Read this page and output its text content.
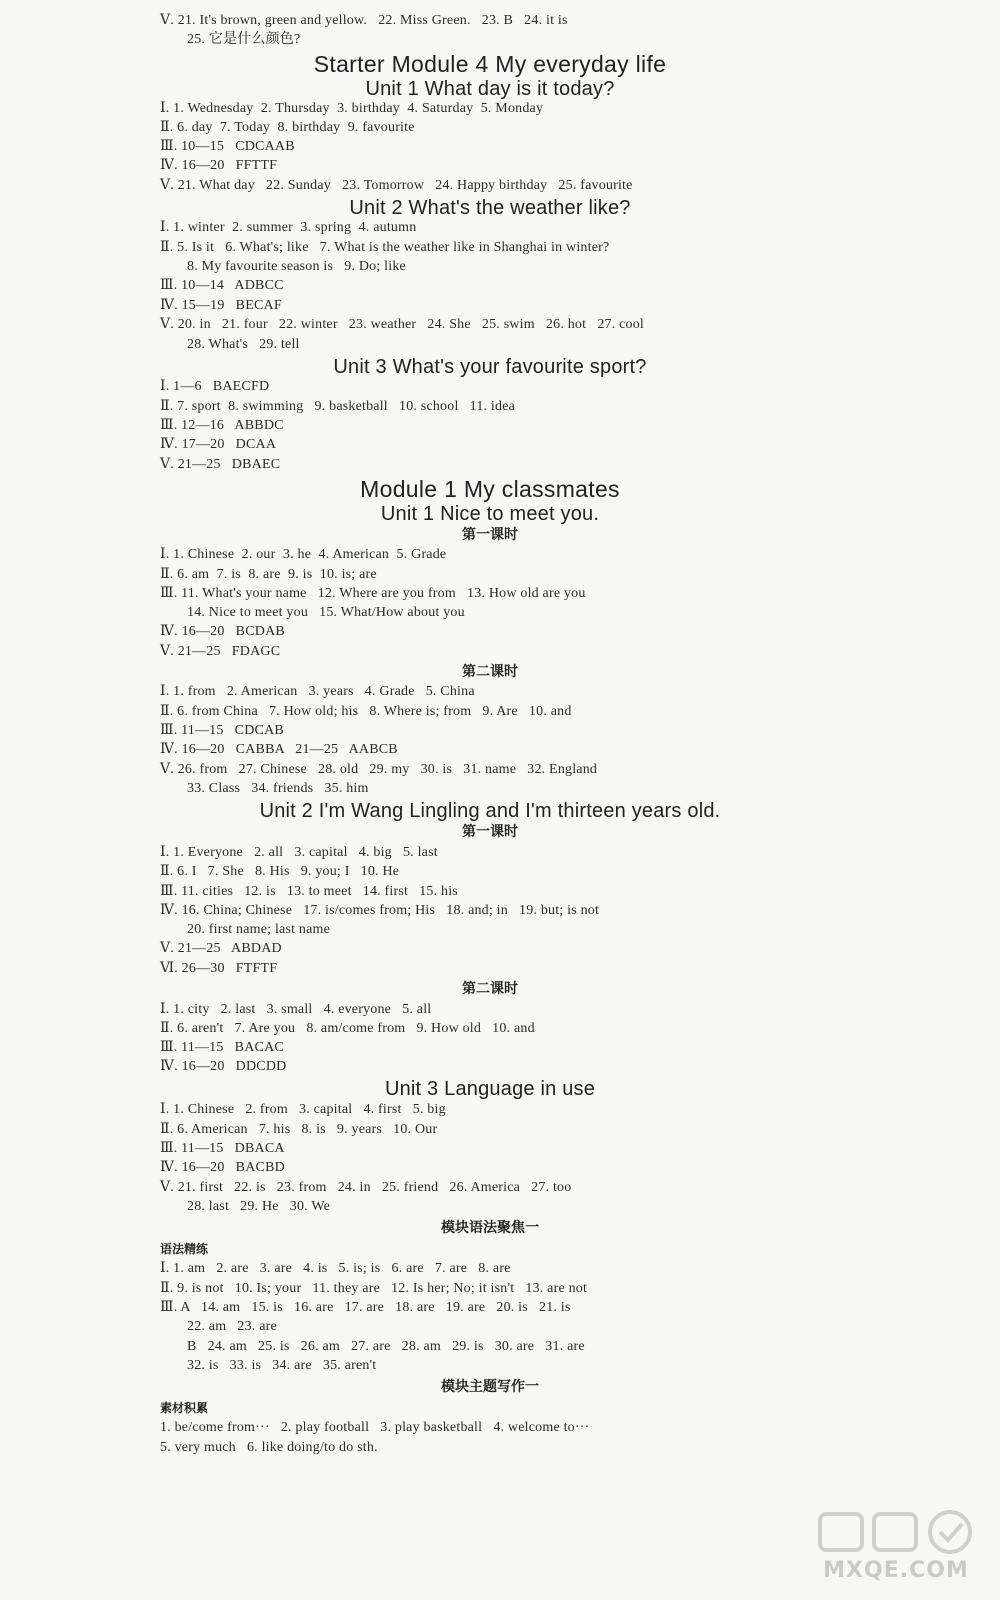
Ⅴ. 21. It's brown, green and yellow.   22. Miss Green.   23. B   24. it is
25. 它是什么颜色?
Starter Module 4 My everyday life
Unit 1 What day is it today?
Ⅰ. 1. Wednesday  2. Thursday  3. birthday  4. Saturday  5. Monday
Ⅱ. 6. day  7. Today  8. birthday  9. favourite
Ⅲ. 10—15   CDCAAB
Ⅳ. 16—20   FFTTF
Ⅴ. 21. What day   22. Sunday   23. Tomorrow   24. Happy birthday   25. favourite
Unit 2 What's the weather like?
Ⅰ. 1. winter  2. summer  3. spring  4. autumn
Ⅱ. 5. Is it   6. What's; like   7. What is the weather like in Shanghai in winter?
8. My favourite season is   9. Do; like
Ⅲ. 10—14   ADBCC
Ⅳ. 15—19   BECAF
Ⅴ. 20. in   21. four   22. winter   23. weather   24. She   25. swim   26. hot   27. cool
28. What's   29. tell
Unit 3 What's your favourite sport?
Ⅰ. 1—6   BAECFD
Ⅱ. 7. sport  8. swimming   9. basketball   10. school   11. idea
Ⅲ. 12—16   ABBDC
Ⅳ. 17—20   DCAA
Ⅴ. 21—25   DBAEC
Module 1 My classmates
Unit 1 Nice to meet you.
第一课时
Ⅰ. 1. Chinese  2. our  3. he  4. American  5. Grade
Ⅱ. 6. am  7. is  8. are  9. is  10. is; are
Ⅲ. 11. What's your name   12. Where are you from   13. How old are you
14. Nice to meet you   15. What/How about you
Ⅳ. 16—20   BCDAB
Ⅴ. 21—25   FDAGC
第二课时
Ⅰ. 1. from   2. American   3. years   4. Grade   5. China
Ⅱ. 6. from China   7. How old; his   8. Where is; from   9. Are   10. and
Ⅲ. 11—15   CDCAB
Ⅳ. 16—20   CABBA   21—25   AABCB
Ⅴ. 26. from   27. Chinese   28. old   29. my   30. is   31. name   32. England
33. Class   34. friends   35. him
Unit 2 I'm Wang Lingling and I'm thirteen years old.
第一课时
Ⅰ. 1. Everyone   2. all   3. capital   4. big   5. last
Ⅱ. 6. I   7. She   8. His   9. you; I   10. He
Ⅲ. 11. cities   12. is   13. to meet   14. first   15. his
Ⅳ. 16. China; Chinese   17. is/comes from; His   18. and; in   19. but; is not
20. first name; last name
Ⅴ. 21—25   ABDAD
Ⅵ. 26—30   FTFTF
第二课时
Ⅰ. 1. city   2. last   3. small   4. everyone   5. all
Ⅱ. 6. aren't   7. Are you   8. am/come from   9. How old   10. and
Ⅲ. 11—15   BACAC
Ⅳ. 16—20   DDCDD
Unit 3 Language in use
Ⅰ. 1. Chinese   2. from   3. capital   4. first   5. big
Ⅱ. 6. American   7. his   8. is   9. years   10. Our
Ⅲ. 11—15   DBACA
Ⅳ. 16—20   BACBD
Ⅴ. 21. first   22. is   23. from   24. in   25. friend   26. America   27. too
28. last   29. He   30. We
模块语法聚焦一
语法精练
Ⅰ. 1. am   2. are   3. are   4. is   5. is; is   6. are   7. are   8. are
Ⅱ. 9. is not   10. Is; your   11. they are   12. Is her; No; it isn't   13. are not
Ⅲ. A   14. am   15. is   16. are   17. are   18. are   19. are   20. is   21. is
22. am   23. are
B   24. am   25. is   26. am   27. are   28. am   29. is   30. are   31. are
32. is   33. is   34. are   35. aren't
模块主题写作一
素材积累
1. be/come from···   2. play football   3. play basketball   4. welcome to···
5. very much   6. like doing/to do sth.
MXQE.COM
